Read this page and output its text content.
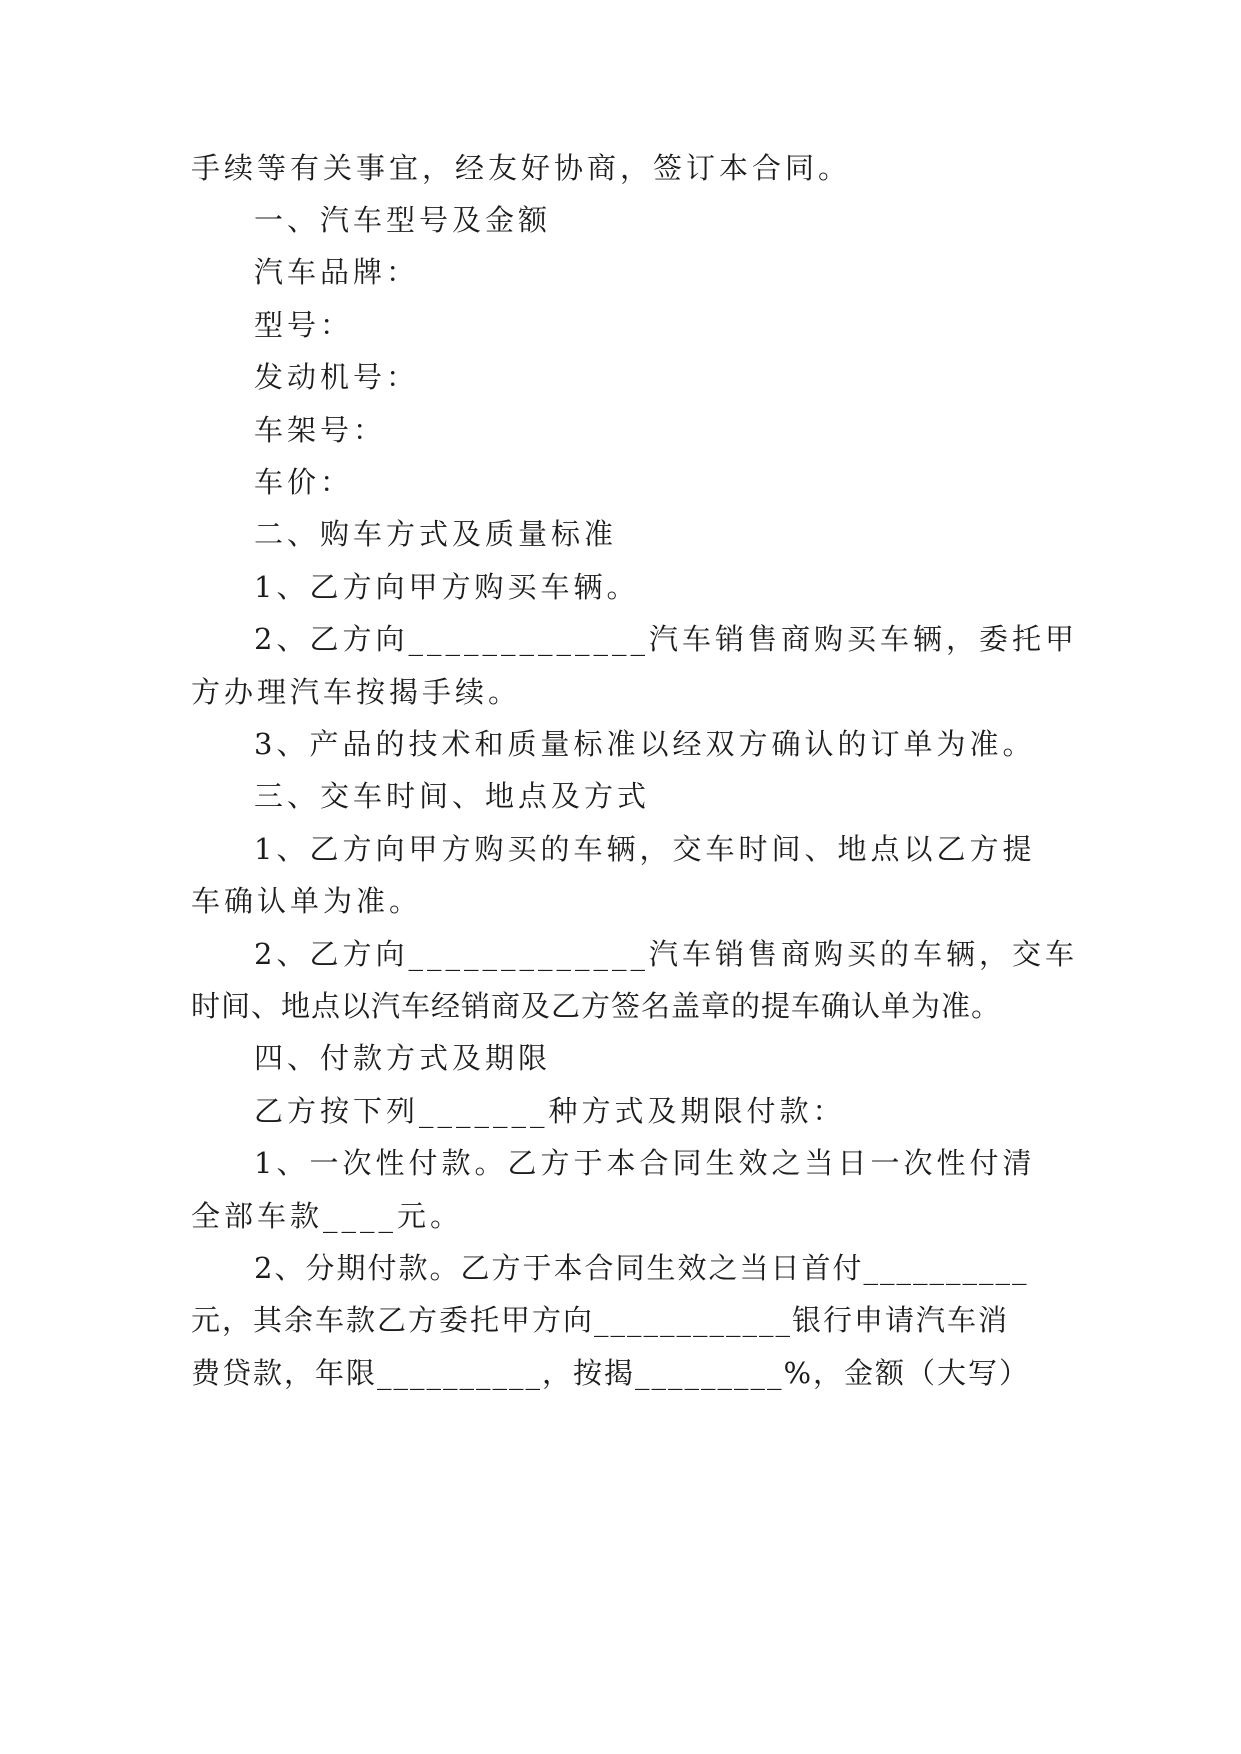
手续等有关事宜，经友好协商，签订本合同。
一、汽车型号及金额
汽车品牌：
型号：
发动机号：
车架号：
车价：
二、购车方式及质量标准
1、乙方向甲方购买车辆。
2、乙方向_____________汽车销售商购买车辆，委托甲
方办理汽车按揭手续。
3、产品的技术和质量标准以经双方确认的订单为准。
三、交车时间、地点及方式
1、乙方向甲方购买的车辆，交车时间、地点以乙方提
车确认单为准。
2、乙方向_____________汽车销售商购买的车辆，交车
时间、地点以汽车经销商及乙方签名盖章的提车确认单为准。
四、付款方式及期限
乙方按下列_______种方式及期限付款：
1、一次性付款。乙方于本合同生效之当日一次性付清
全部车款____元。
2、分期付款。乙方于本合同生效之当日首付__________
元，其余车款乙方委托甲方向____________银行申请汽车消
费贷款，年限__________，按揭_________%，金额（大写）
